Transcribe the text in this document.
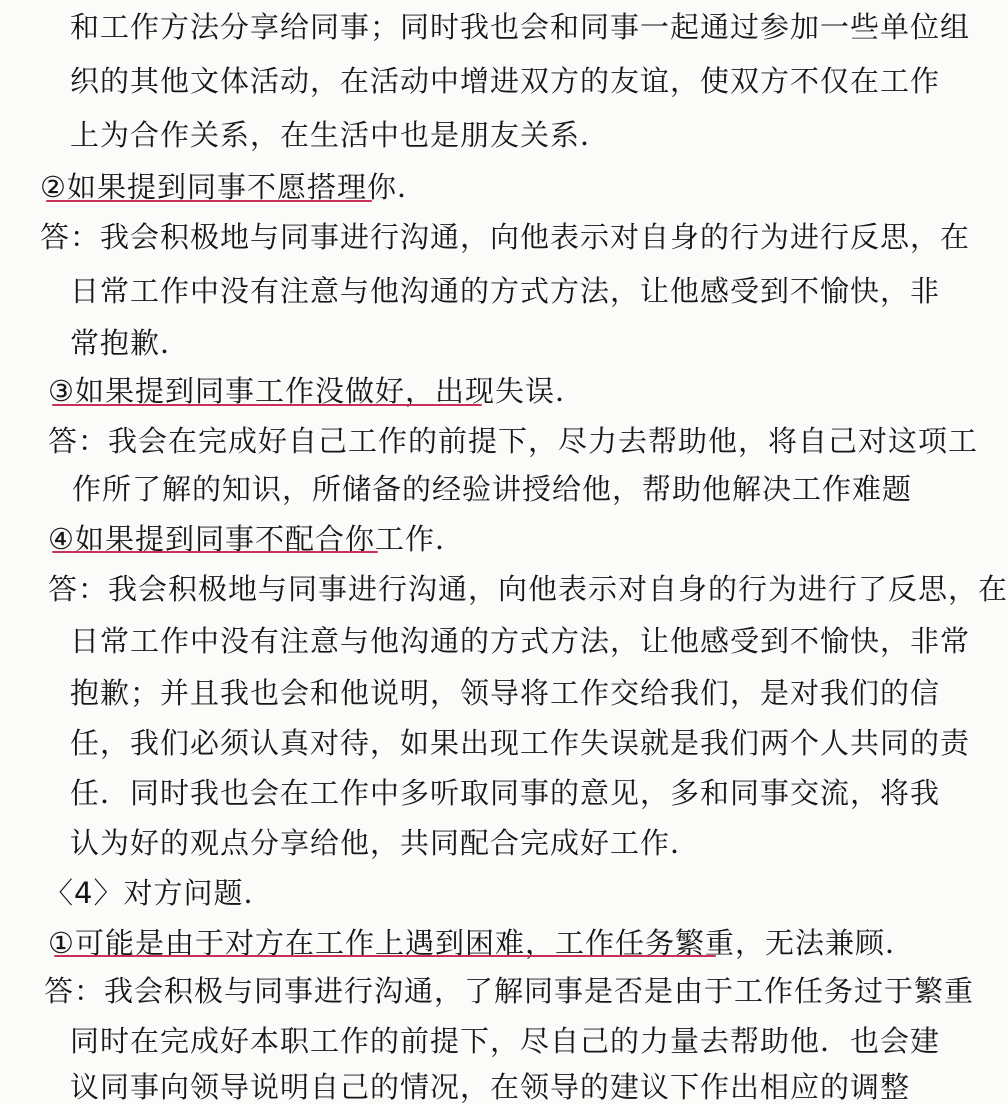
和工作方法分享给同事；同时我也会和同事一起通过参加一些单位组
织的其他文体活动，在活动中增进双方的友谊，使双方不仅在工作
上为合作关系，在生活中也是朋友关系．
②如果提到同事不愿搭理你．
答：我会积极地与同事进行沟通，向他表示对自身的行为进行反思，在
日常工作中没有注意与他沟通的方式方法，让他感受到不愉快，非
常抱歉．
③如果提到同事工作没做好，出现失误．
答：我会在完成好自己工作的前提下，尽力去帮助他，将自己对这项工
作所了解的知识，所储备的经验讲授给他，帮助他解决工作难题
④如果提到同事不配合你工作．
答：我会积极地与同事进行沟通，向他表示对自身的行为进行了反思，在
日常工作中没有注意与他沟通的方式方法，让他感受到不愉快，非常
抱歉；并且我也会和他说明，领导将工作交给我们，是对我们的信
任，我们必须认真对待，如果出现工作失误就是我们两个人共同的责
任．同时我也会在工作中多听取同事的意见，多和同事交流，将我
认为好的观点分享给他，共同配合完成好工作．
〈4〉对方问题．
①可能是由于对方在工作上遇到困难，工作任务繁重，无法兼顾．
答：我会积极与同事进行沟通，了解同事是否是由于工作任务过于繁重
同时在完成好本职工作的前提下，尽自己的力量去帮助他．也会建
议同事向领导说明自己的情况，在领导的建议下作出相应的调整
